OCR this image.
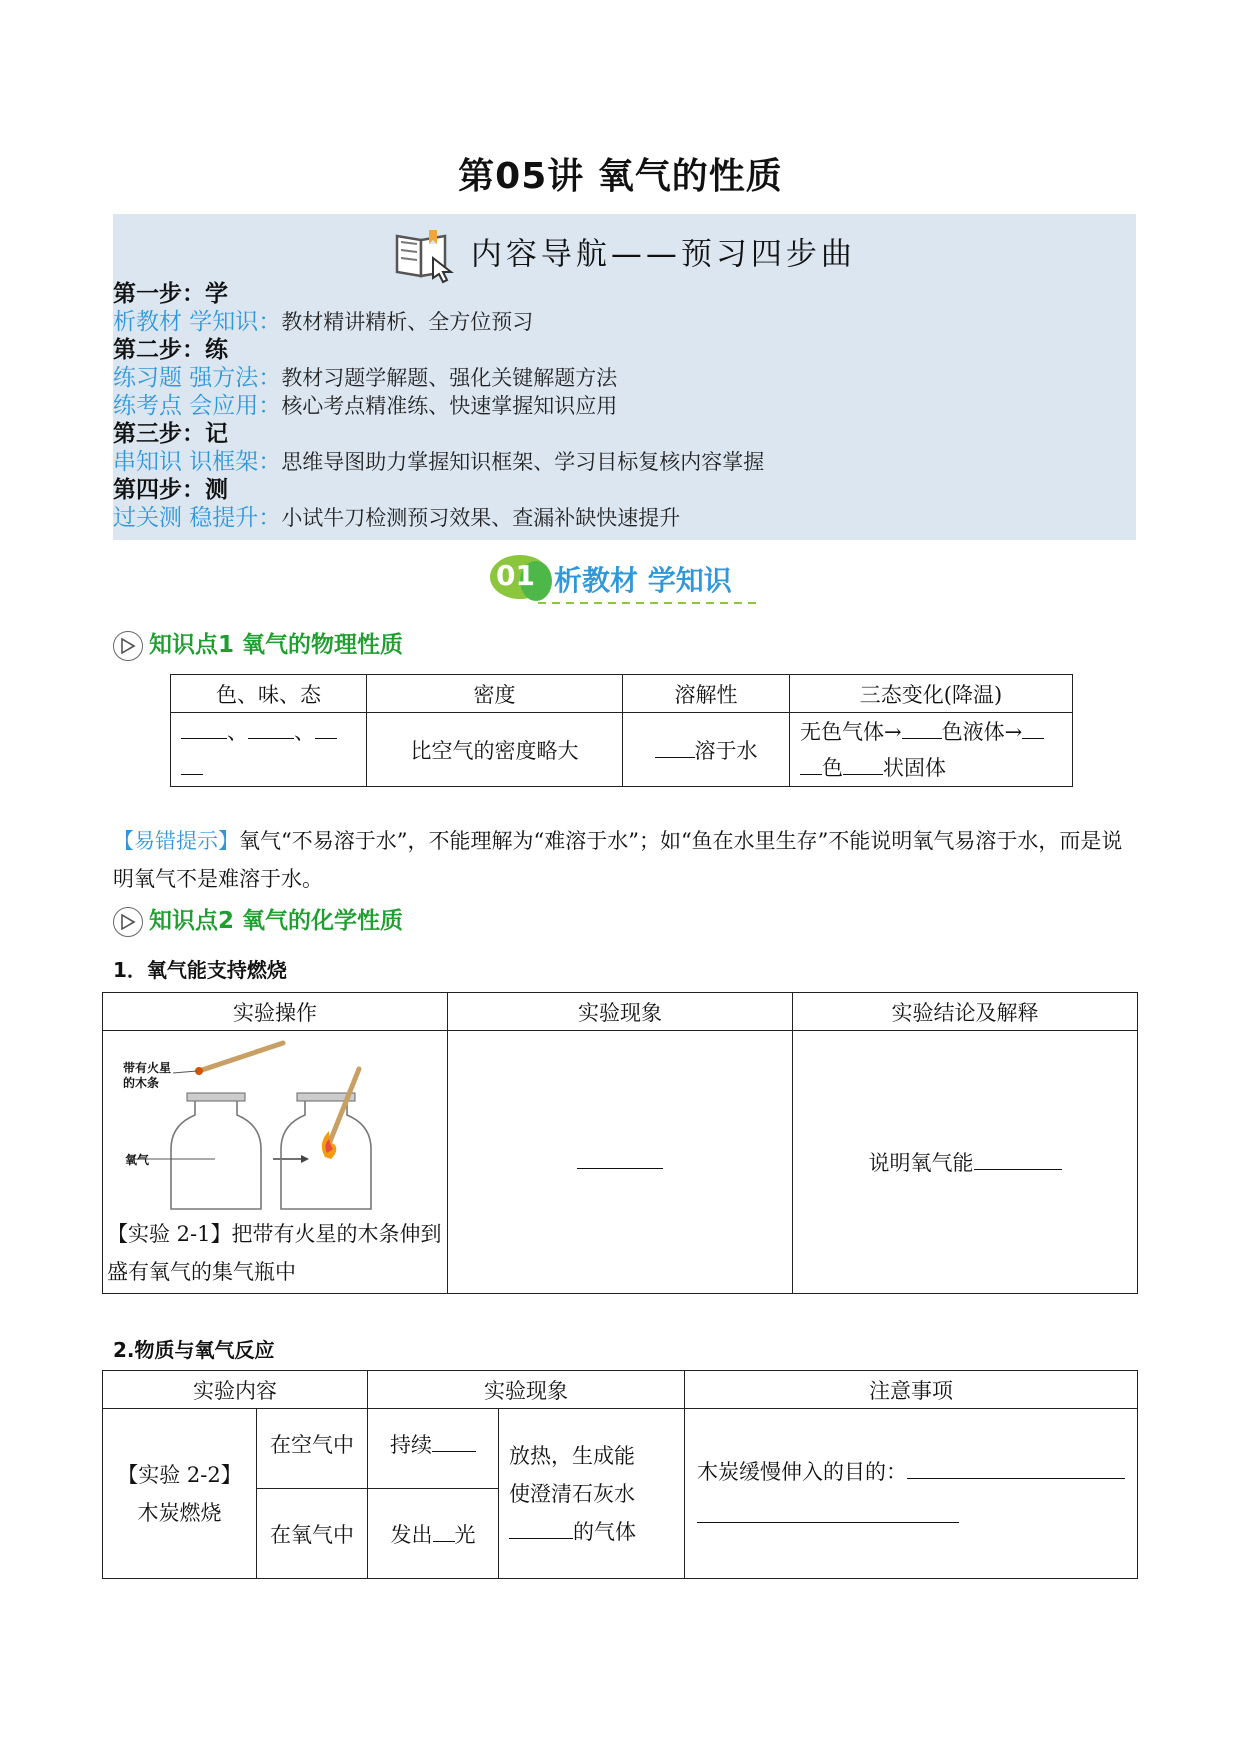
第05讲 氧气的性质
内容导航——预习四步曲
第一步：学
析教材 学知识：教材精讲精析、全方位预习
第二步：练
练习题 强方法：教材习题学解题、强化关键解题方法
练考点 会应用：核心考点精准练、快速掌握知识应用
第三步：记
串知识 识框架：思维导图助力掌握知识框架、学习目标复核内容掌握
第四步：测
过关测 稳提升：小试牛刀检测预习效果、查漏补缺快速提升
01 析教材 学知识
知识点1 氧气的物理性质
色、味、态	密度	溶解性	三态变化(降温)
、 、	比空气的密度略大	溶于水	无色气体→ 色液体→
色 状固体
【易错提示】氧气“不易溶于水”，不能理解为“难溶于水”；如“鱼在水里生存”不能说明氧气易溶于水，而是说明氧气不是难溶于水。
知识点2 氧气的化学性质
1．氧气能支持燃烧
实验操作	实验现象	实验结论及解释

带有火星
的木条
氧气
【实验 2-1】把带有火星的木条伸到盛有氧气的集气瓶中		说明氧气能
2.物质与氧气反应
实验内容		实验现象		注意事项
【实验 2-2】
木炭燃烧	在空气中	持续	放热，生成能
使澄清石灰水
的气体	木炭缓慢伸入的目的：

	在氧气中	发出 光		
